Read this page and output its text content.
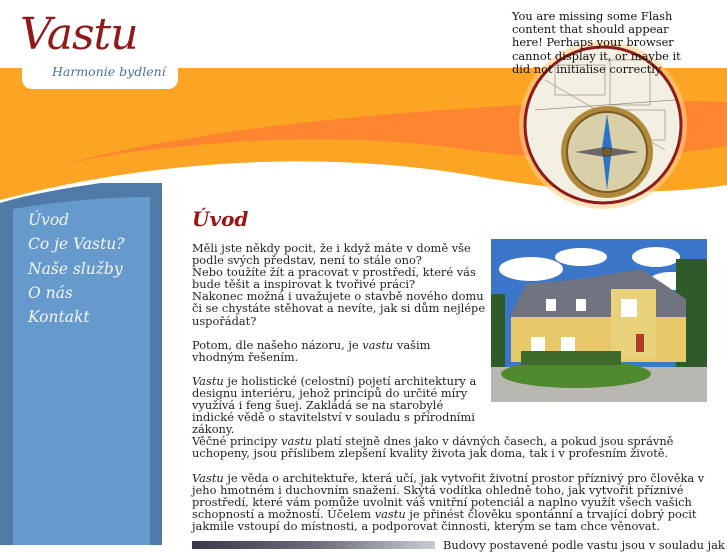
Vastu
Harmonie bydlení
You are missing some Flash content that should appear here! Perhaps your browser cannot display it, or maybe it did not initialise correctly.
Úvod
Co je Vastu?
Naše služby
O nás
Kontakt
Úvod

Měli jste někdy pocit, že i když máte v domě vše
podle svých představ, není to stále ono?
Nebo toužíte žít a pracovat v prostředí, které vás
bude těšit a inspirovat k tvořivé práci?
Nakonec možná i uvažujete o stavbě nového domu
či se chystáte stěhovat a nevíte, jak si dům nejlépe
uspořádat?

Potom, dle našeho názoru, je vastu vašim vhodným řešením.

Vastu je holistické (celostní) pojetí architektury a designu interiéru, jehož principů do určité míry využívá i feng šuej. Zakládá se na starobylé indické vědě o stavitelství v souladu s přírodními zákony.
Věčné principy vastu platí stejně dnes jako v dávných časech, a pokud jsou správně uchopeny, jsou příslibem zlepšení kvality života jak doma, tak i v profesním životě.

Vastu je věda o architektuře, která učí, jak vytvořit životní prostor příznivý pro člověka v jeho hmotném i duchovním snažení. Skýtá vodítka ohledně toho, jak vytvořit příznivé prostředí, které vám pomůže uvolnit váš vnitřní potenciál a naplno využít všech vašich schopností a možností. Účelem vastu je přinést člověku spontánní a trvající dobrý pocit jakmile vstoupí do místnosti, a podporovat činnosti, kterým se tam chce věnovat.

Budovy postavené podle vastu jsou v souladu jak
